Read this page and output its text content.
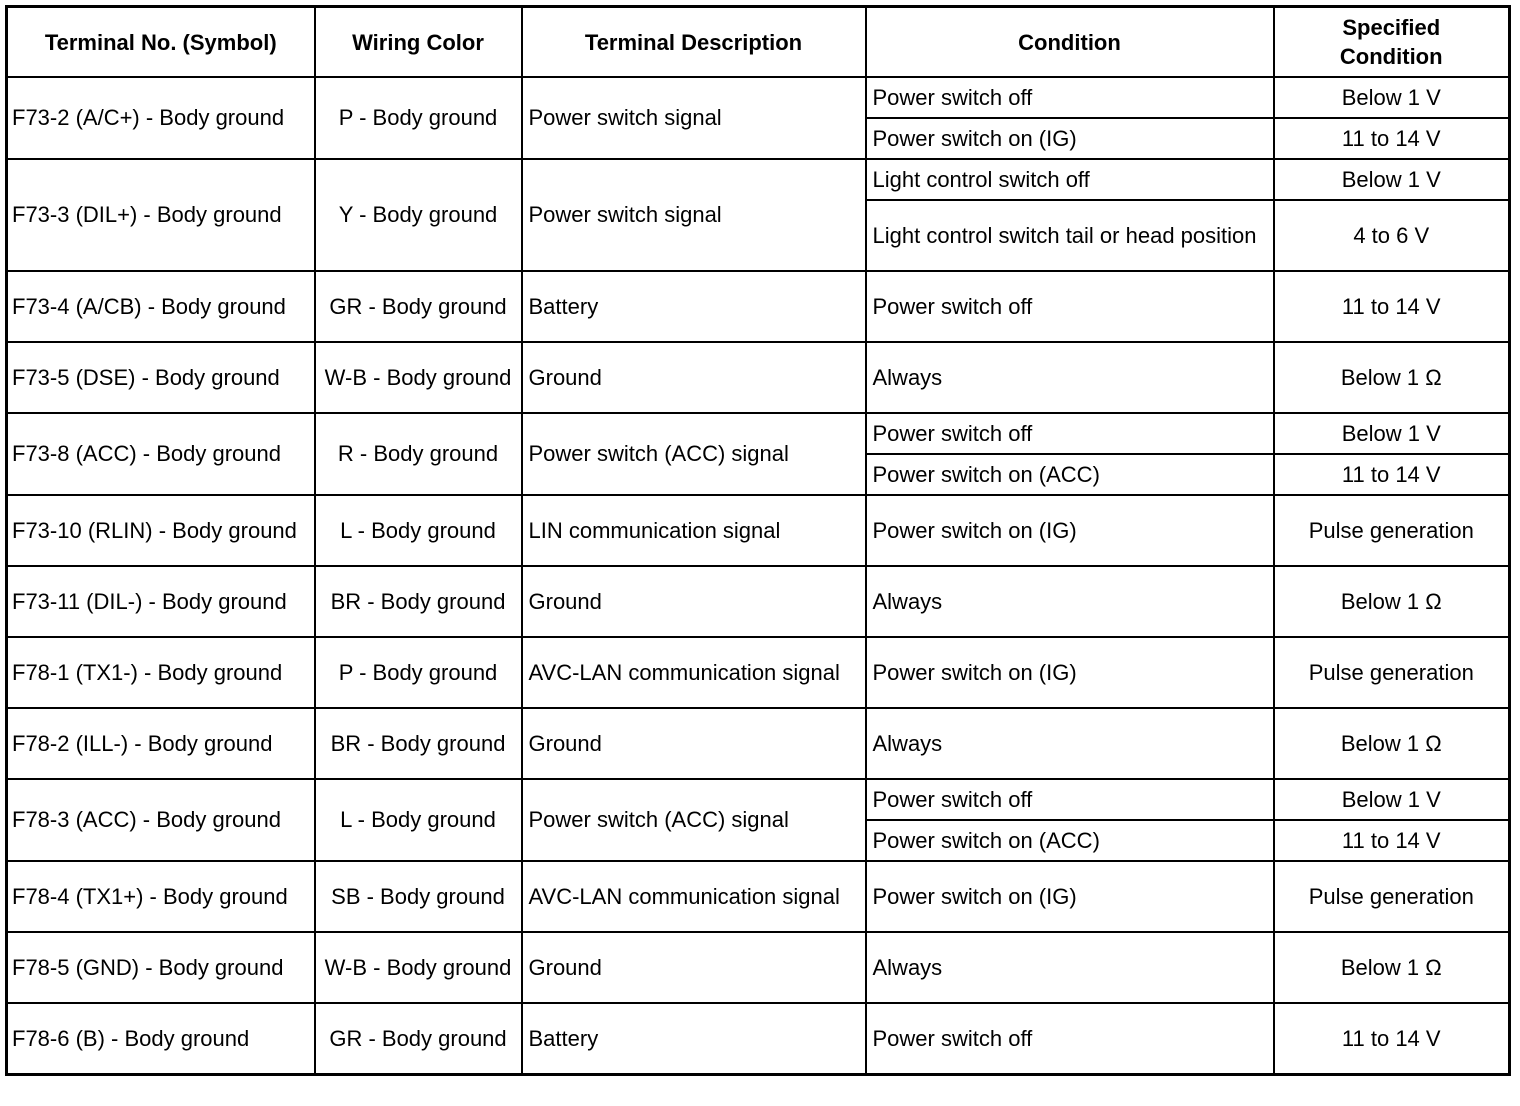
Terminal No. (Symbol)	Wiring Color	Terminal Description	Condition	Specified Condition
F73-2 (A/C+) - Body ground	P - Body ground	Power switch signal	Power switch off	Below 1 V
			Power switch on (IG)	11 to 14 V
F73-3 (DIL+) - Body ground	Y - Body ground	Power switch signal	Light control switch off	Below 1 V
			Light control switch tail or head position	4 to 6 V
F73-4 (A/CB) - Body ground	GR - Body ground	Battery	Power switch off	11 to 14 V
F73-5 (DSE) - Body ground	W-B - Body ground	Ground	Always	Below 1 Ω
F73-8 (ACC) - Body ground	R - Body ground	Power switch (ACC) signal	Power switch off	Below 1 V
			Power switch on (ACC)	11 to 14 V
F73-10 (RLIN) - Body ground	L - Body ground	LIN communication signal	Power switch on (IG)	Pulse generation
F73-11 (DIL-) - Body ground	BR - Body ground	Ground	Always	Below 1 Ω
F78-1 (TX1-) - Body ground	P - Body ground	AVC-LAN communication signal	Power switch on (IG)	Pulse generation
F78-2 (ILL-) - Body ground	BR - Body ground	Ground	Always	Below 1 Ω
F78-3 (ACC) - Body ground	L - Body ground	Power switch (ACC) signal	Power switch off	Below 1 V
			Power switch on (ACC)	11 to 14 V
F78-4 (TX1+) - Body ground	SB - Body ground	AVC-LAN communication signal	Power switch on (IG)	Pulse generation
F78-5 (GND) - Body ground	W-B - Body ground	Ground	Always	Below 1 Ω
F78-6 (B) - Body ground	GR - Body ground	Battery	Power switch off	11 to 14 V
